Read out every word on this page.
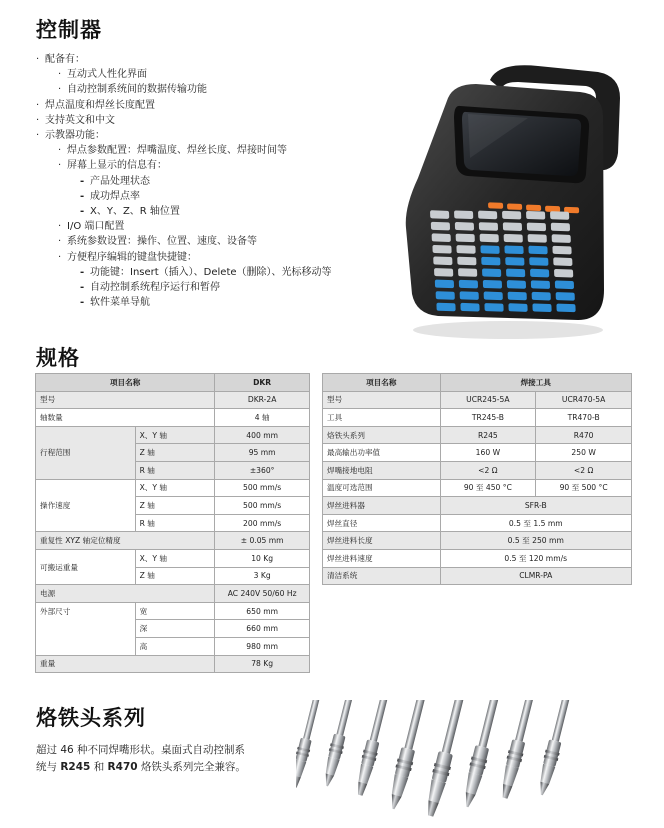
控制器
· 配备有：
· 互动式人性化界面
· 自动控制系统间的数据传输功能
· 焊点温度和焊丝长度配置
· 支持英文和中文
· 示教器功能：
· 焊点参数配置：焊嘴温度、焊丝长度、焊接时间等
· 屏幕上显示的信息有：
- 产品处理状态
- 成功焊点率
- X、Y、Z、R 轴位置
· I/O 端口配置
· 系统参数设置：操作、位置、速度、设备等
· 方便程序编辑的键盘快捷键：
- 功能键：Insert（插入）、Delete（删除）、光标移动等
- 自动控制系统程序运行和暂停
- 软件菜单导航
规格
项目名称		DKR
型号		DKR-2A
轴数量		4 轴
行程范围	X、Y 轴	400 mm
	Z 轴	95 mm
	R 轴	±360°
操作速度	X、Y 轴	500 mm/s
	Z 轴	500 mm/s
	R 轴	200 mm/s
重复性 XYZ 轴定位精度		± 0.05 mm
可搬运重量	X、Y 轴	10 Kg
	Z 轴	3 Kg
电源		AC 240V 50/60 Hz
外部尺寸	宽	650 mm
	深	660 mm
	高	980 mm
重量		78 Kg
项目名称	焊接工具	
型号	UCR245-5A	UCR470-5A
工具	TR245-B	TR470-B
烙铁头系列	R245	R470
最高输出功率值	160 W	250 W
焊嘴接地电阻	<2 Ω	<2 Ω
温度可选范围	90 至 450 °C	90 至 500 °C
焊丝进料器	SFR-B	
焊丝直径	0.5 至 1.5 mm	
焊丝进料长度	0.5 至 250 mm	
焊丝进料速度	0.5 至 120 mm/s	
清洁系统	CLMR-PA	
烙铁头系列
超过 46 种不同焊嘴形状。桌面式自动控制系
统与 R245 和 R470 烙铁头系列完全兼容。
